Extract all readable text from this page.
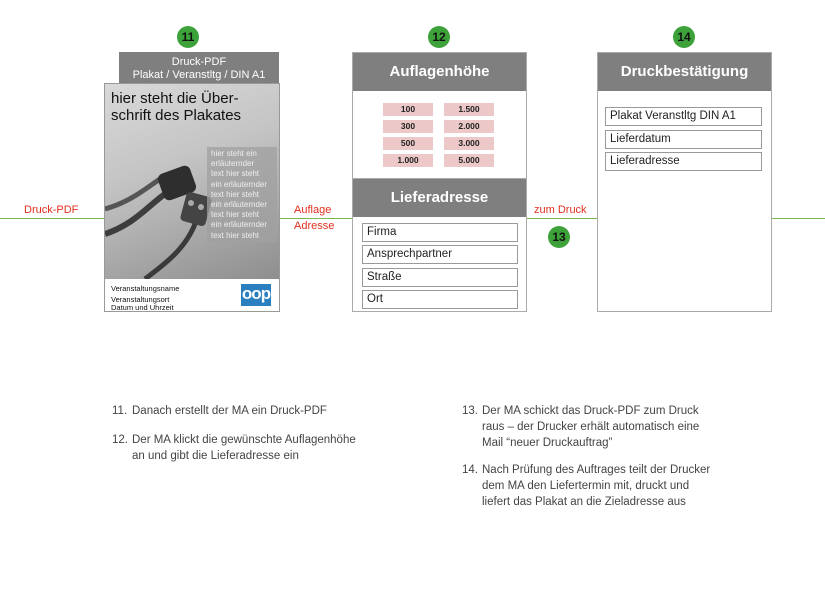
Druck-PDF	Auflage
Adresse
zum Druck
11	12
13
14
Druck-PDF
Plakat / Veranstltg / DIN A1
hier steht die Über-
schrift des Plakates
hier steht ein
erläuternder
text hier steht
ein erläuternder
text hier steht
ein erläuternder
text hier steht
ein erläuternder
text hier steht
Veranstaltungsname
Veranstaltungsort
Datum und Uhrzeit
oop
Auflagenhöhe
100
300
500
1.000
1.500
2.000
3.000
5.000
Lieferadresse
Firma
Ansprechpartner
Straße
Ort
Druckbestätigung
Plakat Veranstltg DIN A1
Lieferdatum
Lieferadresse
11. Danach erstellt der MA ein Druck-PDF
12. Der MA klickt die gewünschte Auflagenhöhe
an und gibt die Lieferadresse ein
13. Der MA schickt das Druck-PDF zum Druck
raus – der Drucker erhält automatisch eine
Mail “neuer Druckauftrag”
14. Nach Prüfung des Auftrages teilt der Drucker
dem MA den Liefertermin mit, druckt und
liefert das Plakat an die Zieladresse aus
